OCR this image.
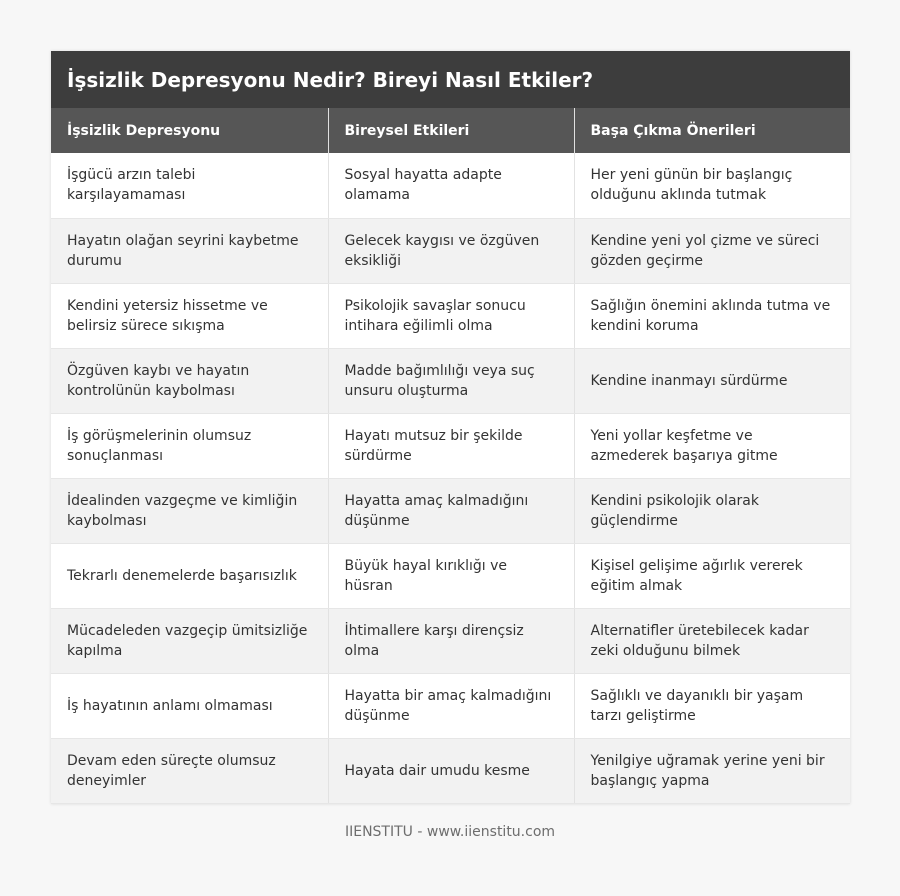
İşsizlik Depresyonu Nedir? Bireyi Nasıl Etkiler?
İşsizlik Depresyonu	Bireysel Etkileri	Başa Çıkma Önerileri
İşgücü arzın talebi karşılayamaması	Sosyal hayatta adapte olamama	Her yeni günün bir başlangıç olduğunu aklında tutmak
Hayatın olağan seyrini kaybetme durumu	Gelecek kaygısı ve özgüven eksikliği	Kendine yeni yol çizme ve süreci gözden geçirme
Kendini yetersiz hissetme ve belirsiz sürece sıkışma	Psikolojik savaşlar sonucu intihara eğilimli olma	Sağlığın önemini aklında tutma ve kendini koruma
Özgüven kaybı ve hayatın kontrolünün kaybolması	Madde bağımlılığı veya suç unsuru oluşturma	Kendine inanmayı sürdürme
İş görüşmelerinin olumsuz sonuçlanması	Hayatı mutsuz bir şekilde sürdürme	Yeni yollar keşfetme ve azmederek başarıya gitme
İdealinden vazgeçme ve kimliğin kaybolması	Hayatta amaç kalmadığını düşünme	Kendini psikolojik olarak güçlendirme
Tekrarlı denemelerde başarısızlık	Büyük hayal kırıklığı ve hüsran	Kişisel gelişime ağırlık vererek eğitim almak
Mücadeleden vazgeçip ümitsizliğe kapılma	İhtimallere karşı dirençsiz olma	Alternatifler üretebilecek kadar zeki olduğunu bilmek
İş hayatının anlamı olmaması	Hayatta bir amaç kalmadığını düşünme	Sağlıklı ve dayanıklı bir yaşam tarzı geliştirme
Devam eden süreçte olumsuz deneyimler	Hayata dair umudu kesme	Yenilgiye uğramak yerine yeni bir başlangıç yapma
IIENSTITU - www.iienstitu.com
